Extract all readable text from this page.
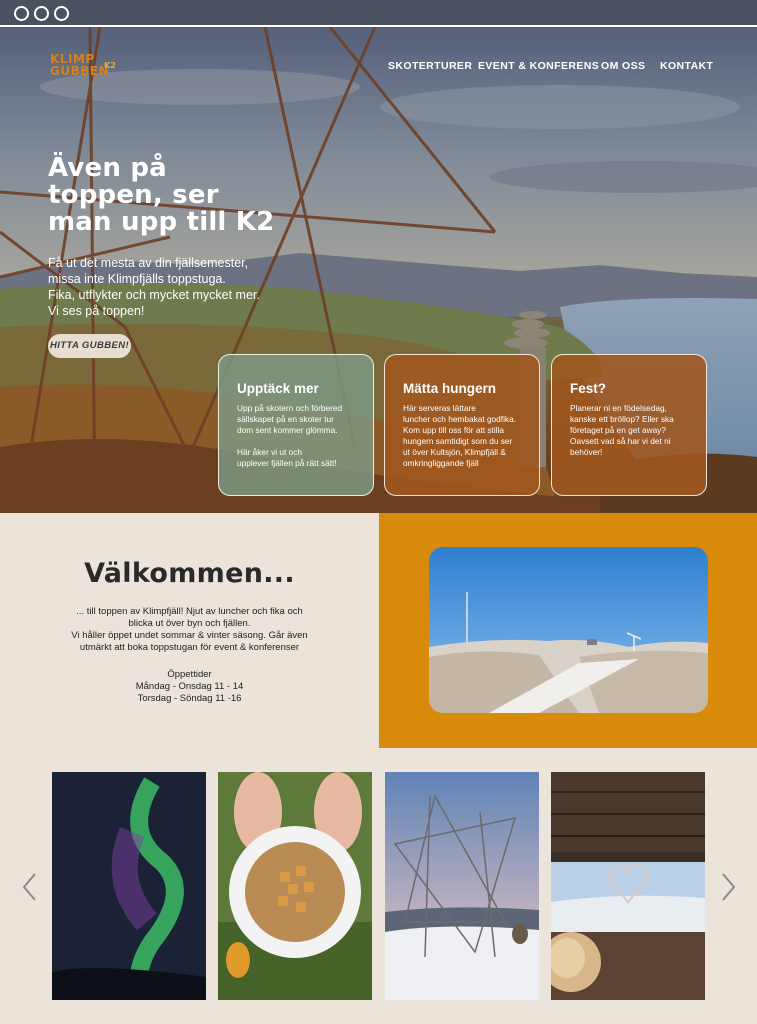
KLIMP
GUBBEN
K2	SKOTERTURER EVENT & KONFERENS OM OSS KONTAKT
Även på
toppen, ser
man upp till K2
Få ut det mesta av din fjällsemester,
missa inte Klimpfjälls toppstuga.
Fika, utflykter och mycket mycket mer.
Vi ses på toppen!
HITTA GUBBEN!
Upptäck mer

Upp på skotern och förbered
sällskapet på en skoter tur
dom sent kommer glömma.

Här åker vi ut och
upplever fjällen på rätt sätt!

Mätta hungern

Här serveras lättare
luncher och hembakat godfika.
Kom upp till oss för att stilla
hungern samtidigt som du ser
ut över Kultsjön, Klimpfjäll &
omkringliggande fjäll

Fest?

Planerar ni en födelsedag,
kanske ett bröllop? Eller ska
företaget på en get away?
Oavsett vad så har vi det ni
behöver!

Välkommen...
... till toppen av Klimpfjäll! Njut av luncher och fika och
blicka ut över byn och fjällen.
Vi håller öppet undet sommar & vinter säsong. Går även
utmärkt att boka toppstugan för event & konferenser
Öppettider
Måndag - Onsdag 11 - 14
Torsdag - Söndag 11 -16
